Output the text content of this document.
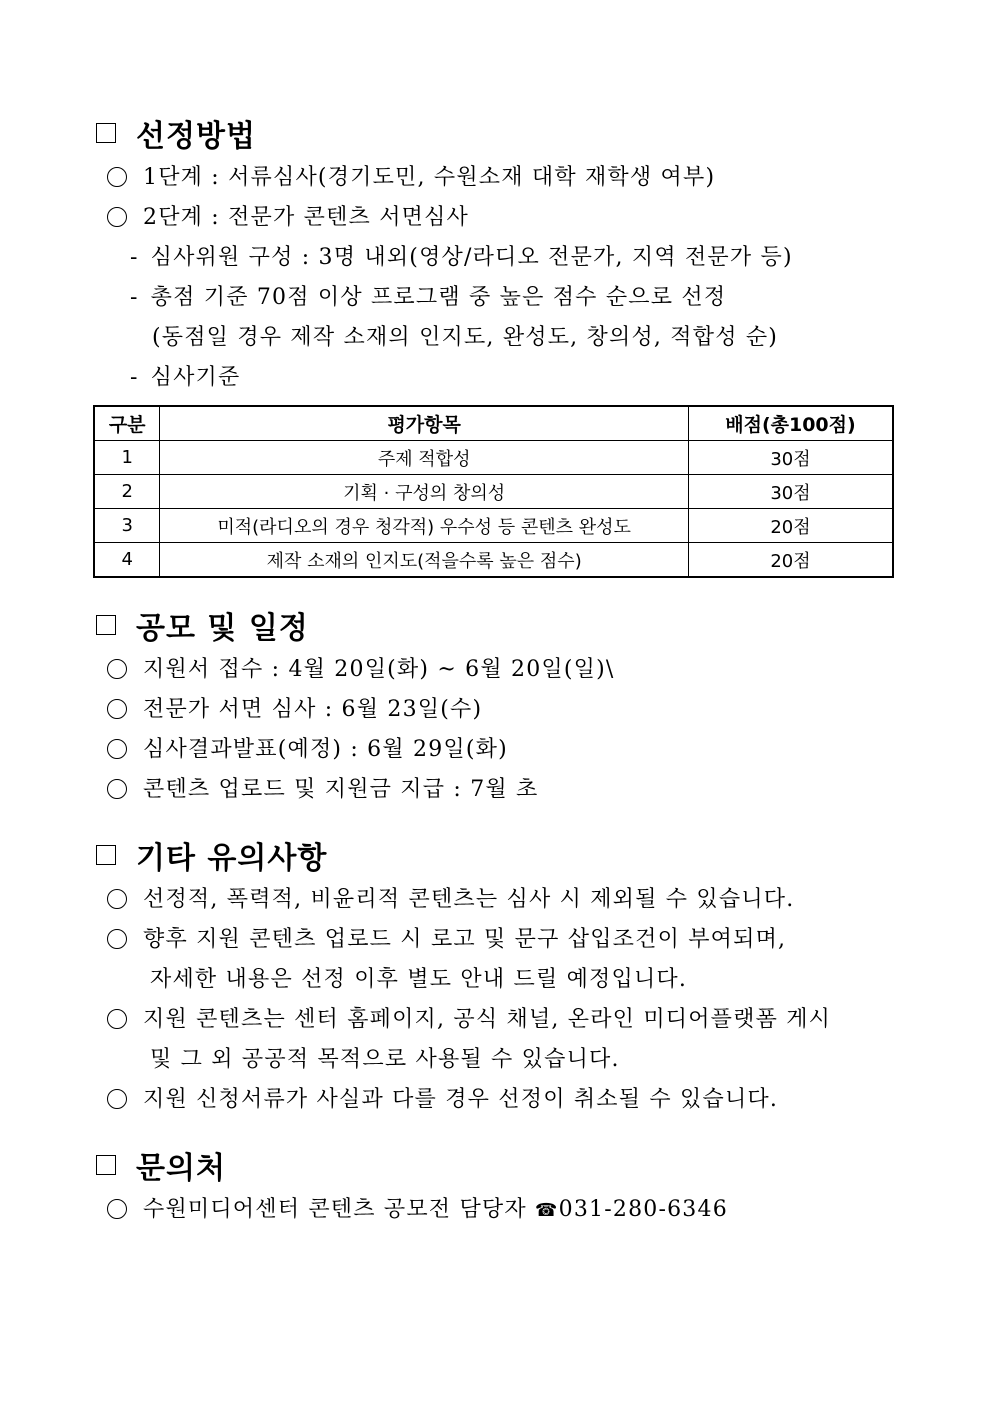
선정방법
1단계 : 서류심사(경기도민, 수원소재 대학 재학생 여부)
2단계 : 전문가 콘텐츠 서면심사
- 심사위원 구성 : 3명 내외(영상/라디오 전문가, 지역 전문가 등)
- 총점 기준 70점 이상 프로그램 중 높은 점수 순으로 선정
(동점일 경우 제작 소재의 인지도, 완성도, 창의성, 적합성 순)
- 심사기준
구분	평가항목	배점(총100점)
1	주제 적합성	30점
2	기획 · 구성의 창의성	30점
3	미적(라디오의 경우 청각적) 우수성 등 콘텐츠 완성도	20점
4	제작 소재의 인지도(적을수록 높은 점수)	20점
공모 및 일정
지원서 접수 : 4월 20일(화) ~ 6월 20일(일)\
전문가 서면 심사 : 6월 23일(수)
심사결과발표(예정) : 6월 29일(화)
콘텐츠 업로드 및 지원금 지급 : 7월 초
기타 유의사항
선정적, 폭력적, 비윤리적 콘텐츠는 심사 시 제외될 수 있습니다.
향후 지원 콘텐츠 업로드 시 로고 및 문구 삽입조건이 부여되며,
자세한 내용은 선정 이후 별도 안내 드릴 예정입니다.
지원 콘텐츠는 센터 홈페이지, 공식 채널, 온라인 미디어플랫폼 게시
및 그 외 공공적 목적으로 사용될 수 있습니다.
지원 신청서류가 사실과 다를 경우 선정이 취소될 수 있습니다.
문의처
수원미디어센터 콘텐츠 공모전 담당자 ☎031-280-6346
